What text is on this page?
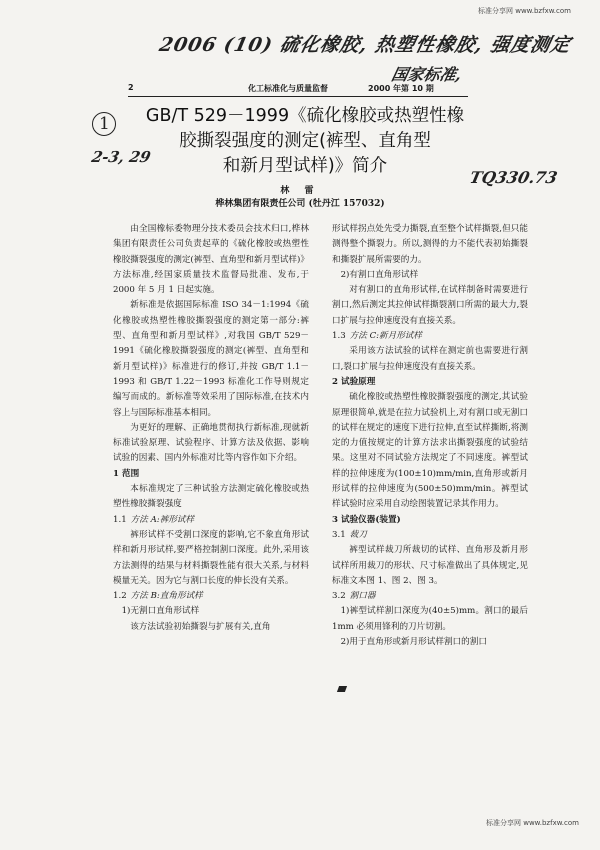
标准分享网 www.bzfxw.com
2006 (10) 硫化橡胶, 热塑性橡胶, 强度测定
国家标准,
1
2-3, 29
TQ330.73
2	化工标准化与质量监督	2000 年第 10 期
GB/T 529－1999《硫化橡胶或热塑性橡
胶撕裂强度的测定(裤型、直角型
和新月型试样)》简介
林 雷
桦林集团有限责任公司 (牡丹江 157032)

由全国橡标委物理分技术委员会技术归口,桦林集团有限责任公司负责起草的《硫化橡胶或热塑性橡胶撕裂强度的测定(裤型、直角型和新月型试样)》方法标准,经国家质量技术监督局批准、发布,于 2000 年 5 月 1 日起实施。

新标准是依据国际标准 ISO 34－1:1994《硫化橡胶或热塑性橡胶撕裂强度的测定第一部分:裤型、直角型和新月型试样》,对我国 GB/T 529－1991《硫化橡胶撕裂强度的测定(裤型、直角型和新月型试样)》标准进行的修订,并按 GB/T 1.1－1993 和 GB/T 1.22－1993 标准化工作导则规定编写而成的。新标准等效采用了国际标准,在技术内容上与国际标准基本相同。

为更好的理解、正确地贯彻执行新标准,现就新标准试验原理、试验程序、计算方法及依据、影响试验的因素、国内外标准对比等内容作如下介绍。

1 范围

本标准规定了三种试验方法测定硫化橡胶或热塑性橡胶撕裂强度

1.1 方法 A:裤形试样

裤形试样不受割口深度的影响,它不象直角形试样和新月形试样,要严格控制割口深度。此外,采用该方法测得的结果与材料撕裂性能有很大关系,与材料模量无关。因为它与割口长度的伸长没有关系。

1.2 方法 B:直角形试样

1)无割口直角形试样

该方法试验初始撕裂与扩展有关,直角

形试样拐点处先受力撕裂,直至整个试样撕裂,但只能测得整个撕裂力。所以,测得的力不能代表初始撕裂和撕裂扩展所需要的力。

2)有割口直角形试样

对有割口的直角形试样,在试样制备时需要进行割口,然后测定其拉伸试样撕裂割口所需的最大力,裂口扩展与拉伸速度没有直接关系。

1.3 方法 C:新月形试样

采用该方法试验的试样在测定前也需要进行割口,裂口扩展与拉伸速度没有直接关系。

2 试验原理

硫化橡胶或热塑性橡胶撕裂强度的测定,其试验原理很简单,就是在拉力试验机上,对有割口或无割口的试样在规定的速度下进行拉伸,直至试样撕断,将测定的力值按规定的计算方法求出撕裂强度的试验结果。这里对不同试验方法规定了不同速度。裤型试样的拉伸速度为(100±10)mm/min,直角形或新月形试样的拉伸速度为(500±50)mm/min。裤型试样试验时应采用自动绘图装置记录其作用力。

3 试验仪器(装置)

3.1 裁刀

裤型试样裁刀所裁切的试样、直角形及新月形试样所用裁刀的形状、尺寸标准做出了具体规定,见标准文本图 1、图 2、图 3。

3.2 割口器

1)裤型试样割口深度为(40±5)mm。割口的最后 1mm 必须用锋利的刀片切割。

2)用于直角形或新月形试样割口的割口

标准分享网 www.bzfxw.com
